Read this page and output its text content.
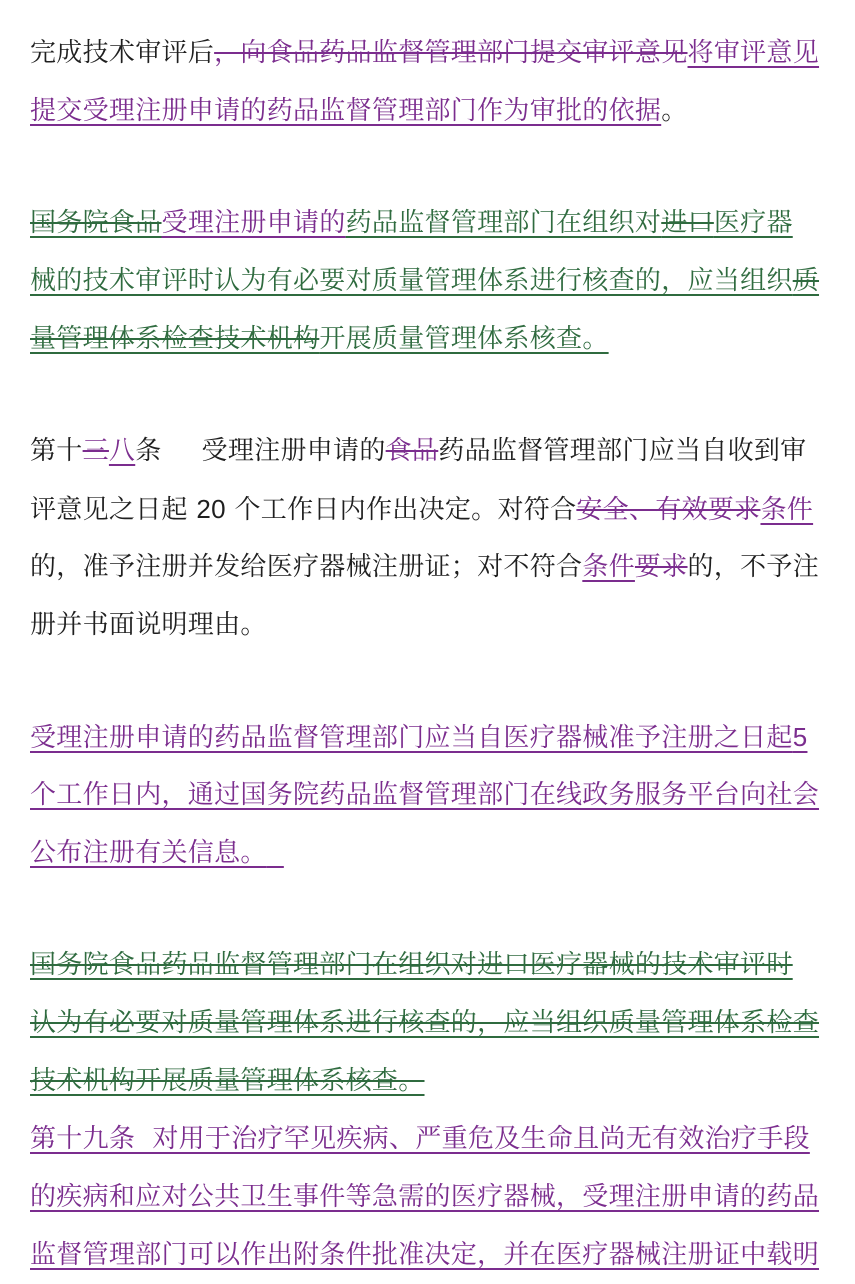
完成技术审评后，向食品药品监督管理部门提交审评意见将审评意见
提交受理注册申请的药品监督管理部门作为审批的依据。
国务院食品受理注册申请的药品监督管理部门在组织对进口医疗器
械的技术审评时认为有必要对质量管理体系进行核查的，应当组织质
量管理体系检查技术机构开展质量管理体系核查。
第十三八条 受理注册申请的食品药品监督管理部门应当自收到审
评意见之日起 20 个工作日内作出决定。对符合安全、有效要求条件
的，准予注册并发给医疗器械注册证；对不符合条件要求的，不予注
册并书面说明理由。
受理注册申请的药品监督管理部门应当自医疗器械准予注册之日起5
个工作日内，通过国务院药品监督管理部门在线政务服务平台向社会
公布注册有关信息。
国务院食品药品监督管理部门在组织对进口医疗器械的技术审评时
认为有必要对质量管理体系进行核查的，应当组织质量管理体系检查
技术机构开展质量管理体系核查。
第十九条  对用于治疗罕见疾病、严重危及生命且尚无有效治疗手段
的疾病和应对公共卫生事件等急需的医疗器械，受理注册申请的药品
监督管理部门可以作出附条件批准决定，并在医疗器械注册证中载明
